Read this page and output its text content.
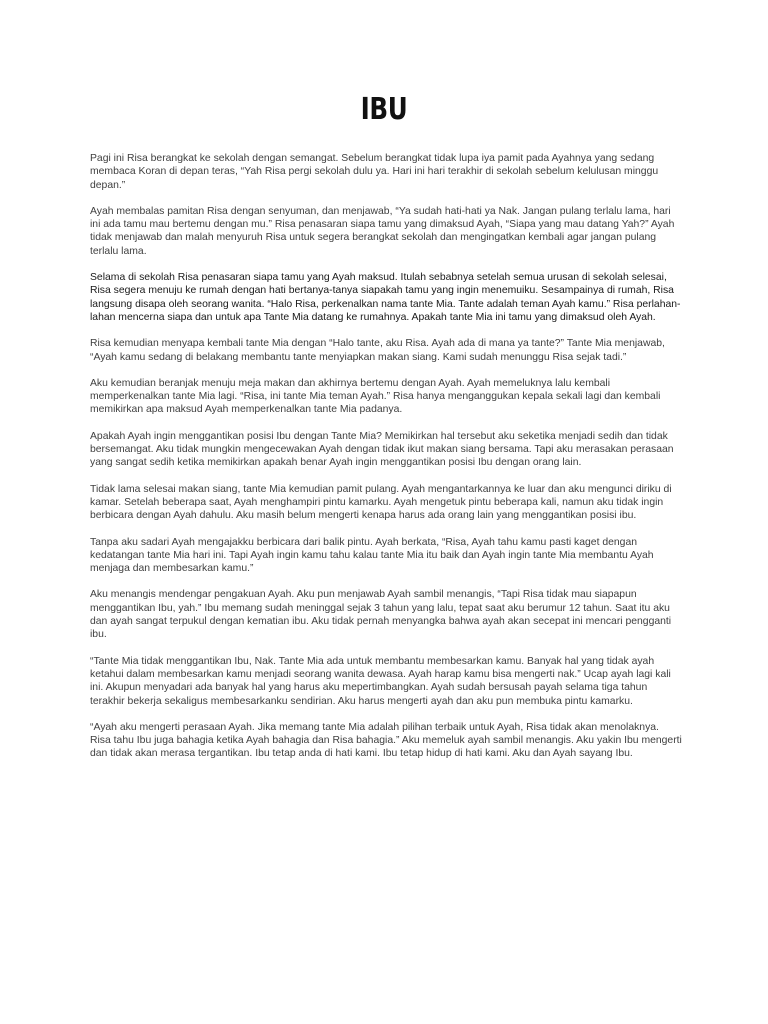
IBU

Pagi ini Risa berangkat ke sekolah dengan semangat. Sebelum berangkat tidak lupa iya pamit pada Ayahnya yang sedang membaca Koran di depan teras, “Yah Risa pergi sekolah dulu ya. Hari ini hari terakhir di sekolah sebelum kelulusan minggu depan.”

Ayah membalas pamitan Risa dengan senyuman, dan menjawab, “Ya sudah hati-hati ya Nak. Jangan pulang terlalu lama, hari ini ada tamu mau bertemu dengan mu.” Risa penasaran siapa tamu yang dimaksud Ayah, “Siapa yang mau datang Yah?” Ayah tidak menjawab dan malah menyuruh Risa untuk segera berangkat sekolah dan mengingatkan kembali agar jangan pulang terlalu lama.

Selama di sekolah Risa penasaran siapa tamu yang Ayah maksud. Itulah sebabnya setelah semua urusan di sekolah selesai, Risa segera menuju ke rumah dengan hati bertanya-tanya siapakah tamu yang ingin menemuiku. Sesampainya di rumah, Risa langsung disapa oleh seorang wanita. “Halo Risa, perkenalkan nama tante Mia. Tante adalah teman Ayah kamu.” Risa perlahan-lahan mencerna siapa dan untuk apa Tante Mia datang ke rumahnya. Apakah tante Mia ini tamu yang dimaksud oleh Ayah.

Risa kemudian menyapa kembali tante Mia dengan “Halo tante, aku Risa. Ayah ada di mana ya tante?” Tante Mia menjawab, “Ayah kamu sedang di belakang membantu tante menyiapkan makan siang. Kami sudah menunggu Risa sejak tadi.”

Aku kemudian beranjak menuju meja makan dan akhirnya bertemu dengan Ayah. Ayah memeluknya lalu kembali memperkenalkan tante Mia lagi. “Risa, ini tante Mia teman Ayah.” Risa hanya menganggukan kepala sekali lagi dan kembali memikirkan apa maksud Ayah memperkenalkan tante Mia padanya.

Apakah Ayah ingin menggantikan posisi Ibu dengan Tante Mia? Memikirkan hal tersebut aku seketika menjadi sedih dan tidak bersemangat. Aku tidak mungkin mengecewakan Ayah dengan tidak ikut makan siang bersama. Tapi aku merasakan perasaan yang sangat sedih ketika memikirkan apakah benar Ayah ingin menggantikan posisi Ibu dengan orang lain.

Tidak lama selesai makan siang, tante Mia kemudian pamit pulang. Ayah mengantarkannya ke luar dan aku mengunci diriku di kamar. Setelah beberapa saat, Ayah menghampiri pintu kamarku. Ayah mengetuk pintu beberapa kali, namun aku tidak ingin berbicara dengan Ayah dahulu. Aku masih belum mengerti kenapa harus ada orang lain yang menggantikan posisi ibu.

Tanpa aku sadari Ayah mengajakku berbicara dari balik pintu. Ayah berkata, “Risa, Ayah tahu kamu pasti kaget dengan kedatangan tante Mia hari ini. Tapi Ayah ingin kamu tahu kalau tante Mia itu baik dan Ayah ingin tante Mia membantu Ayah menjaga dan membesarkan kamu.”

Aku menangis mendengar pengakuan Ayah. Aku pun menjawab Ayah sambil menangis, “Tapi Risa tidak mau siapapun menggantikan Ibu, yah.” Ibu memang sudah meninggal sejak 3 tahun yang lalu, tepat saat aku berumur 12 tahun. Saat itu aku dan ayah sangat terpukul dengan kematian ibu. Aku tidak pernah menyangka bahwa ayah akan secepat ini mencari pengganti ibu.

“Tante Mia tidak menggantikan Ibu, Nak. Tante Mia ada untuk membantu membesarkan kamu. Banyak hal yang tidak ayah ketahui dalam membesarkan kamu menjadi seorang wanita dewasa. Ayah harap kamu bisa mengerti nak.” Ucap ayah lagi kali ini. Akupun menyadari ada banyak hal yang harus aku mepertimbangkan. Ayah sudah bersusah payah selama tiga tahun terakhir bekerja sekaligus membesarkanku sendirian. Aku harus mengerti ayah dan aku pun membuka pintu kamarku.

“Ayah aku mengerti perasaan Ayah. Jika memang tante Mia adalah pilihan terbaik untuk Ayah, Risa tidak akan menolaknya. Risa tahu Ibu juga bahagia ketika Ayah bahagia dan Risa bahagia.” Aku memeluk ayah sambil menangis. Aku yakin Ibu mengerti dan tidak akan merasa tergantikan. Ibu tetap anda di hati kami. Ibu tetap hidup di hati kami. Aku dan Ayah sayang Ibu.
